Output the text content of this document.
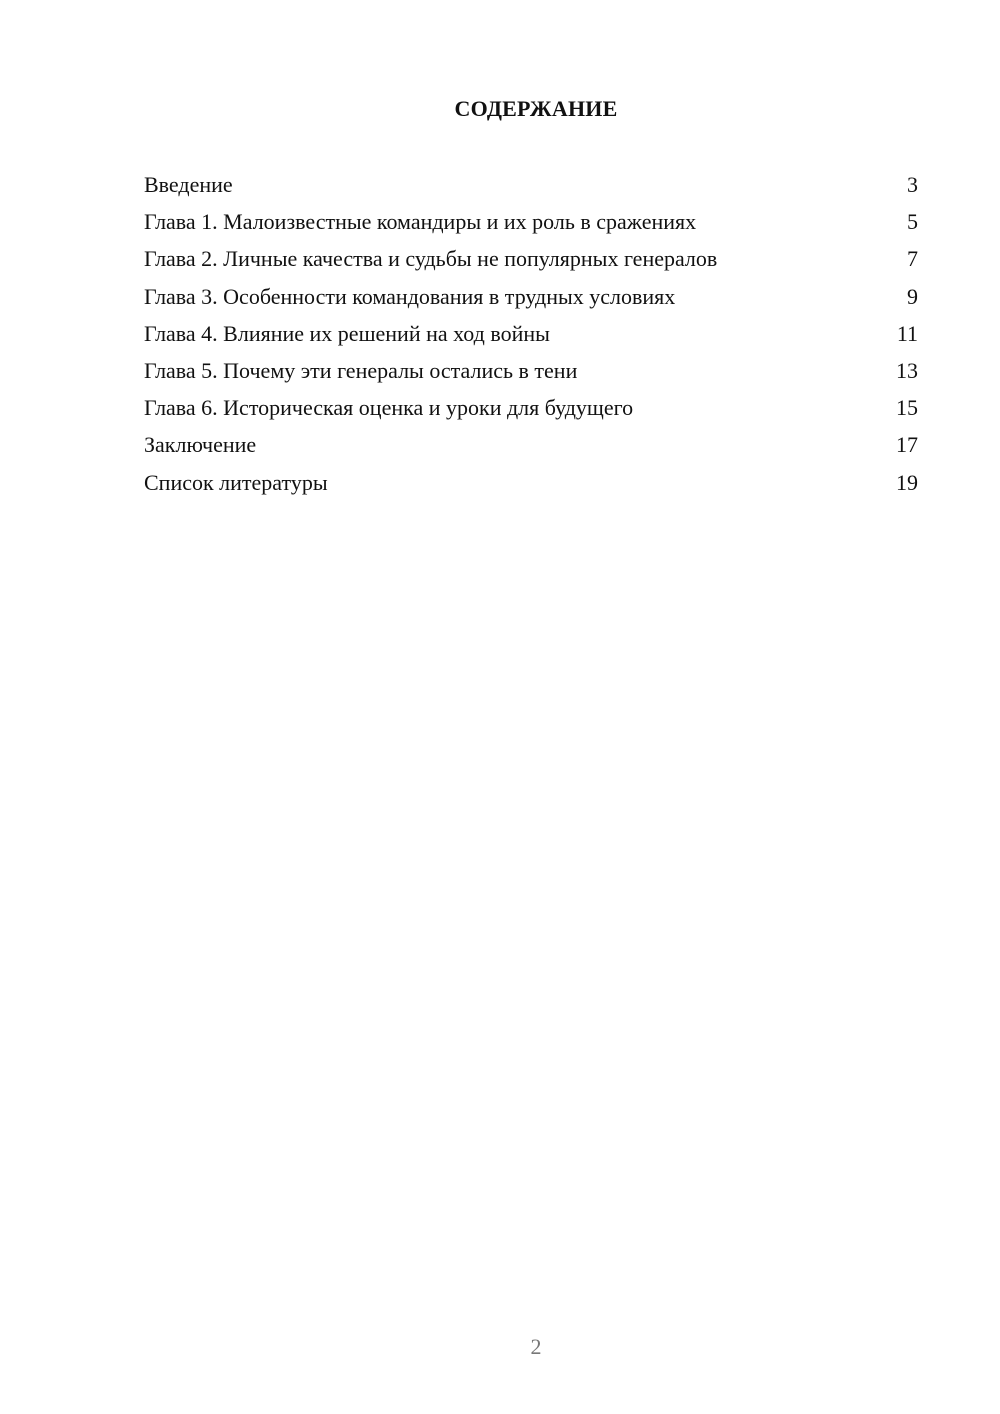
СОДЕРЖАНИЕ
Введение	3
Глава 1. Малоизвестные командиры и их роль в сражениях	5
Глава 2. Личные качества и судьбы не популярных генералов	7
Глава 3. Особенности командования в трудных условиях	9
Глава 4. Влияние их решений на ход войны	11
Глава 5. Почему эти генералы остались в тени	13
Глава 6. Историческая оценка и уроки для будущего	15
Заключение	17
Список литературы	19
2
